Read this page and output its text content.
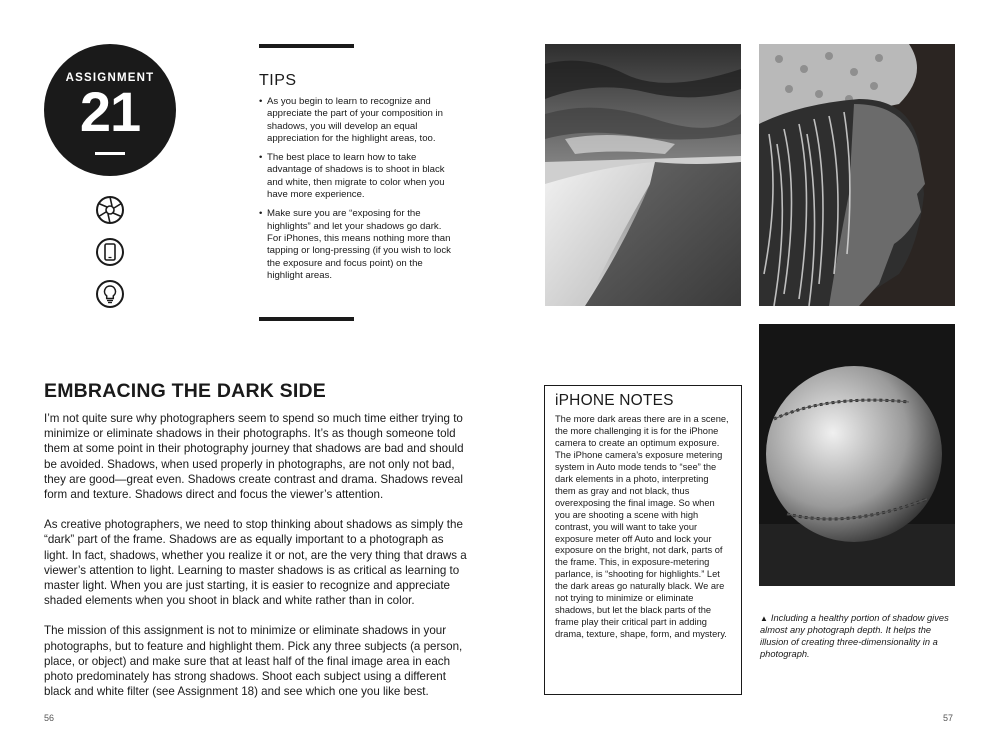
ASSIGNMENT
21	TIPS
• As you begin to learn to recognize and appreciate the part of your composition in shadows, you will develop an equal appreciation for the highlight areas, too.
• The best place to learn how to take advantage of shadows is to shoot in black and white, then migrate to color when you have more experience.
• Make sure you are “exposing for the highlights” and let your shadows go dark. For iPhones, this means nothing more than tapping or long-pressing (if you wish to lock the exposure and focus point) on the highlight areas.
EMBRACING THE DARK SIDE

I’m not quite sure why photographers seem to spend so much time either trying to minimize or eliminate shadows in their photographs. It’s as though someone told them at some point in their photography journey that shadows are bad and should be avoided. Shadows, when used properly in photographs, are not only not bad, they are good—great even. Shadows create contrast and drama. Shadows reveal form and texture. Shadows direct and focus the viewer’s attention.

As creative photographers, we need to stop thinking about shadows as simply the “dark” part of the frame. Shadows are as equally important to a photograph as light. In fact, shadows, whether you realize it or not, are the very thing that draws a viewer’s attention to light. Learning to master shadows is as critical as learning to master light. When you are just starting, it is easier to recognize and appreciate shaded elements when you shoot in black and white rather than in color.

The mission of this assignment is not to minimize or eliminate shadows in your photographs, but to feature and highlight them. Pick any three subjects (a person, place, or object) and make sure that at least half of the final image area in each photo predominately has strong shadows. Shoot each subject using a different black and white filter (see Assignment 18) and see which one you like best.

56	57
iPHONE NOTES
The more dark areas there are in a scene, the more challenging it is for the iPhone camera to create an optimum exposure. The iPhone camera’s exposure metering system in Auto mode tends to “see” the dark elements in a photo, interpreting them as gray and not black, thus overexposing the final image. So when you are shooting a scene with high contrast, you will want to take your exposure meter off Auto and lock your exposure on the bright, not dark, parts of the frame. This, in exposure-metering parlance, is “shooting for highlights.” Let the dark areas go naturally black. We are not trying to minimize or eliminate shadows, but let the black parts of the frame play their critical part in adding drama, texture, shape, form, and mystery.
▲ Including a healthy portion of shadow gives almost any photograph depth. It helps the illusion of creating three-dimensionality in a photograph.
